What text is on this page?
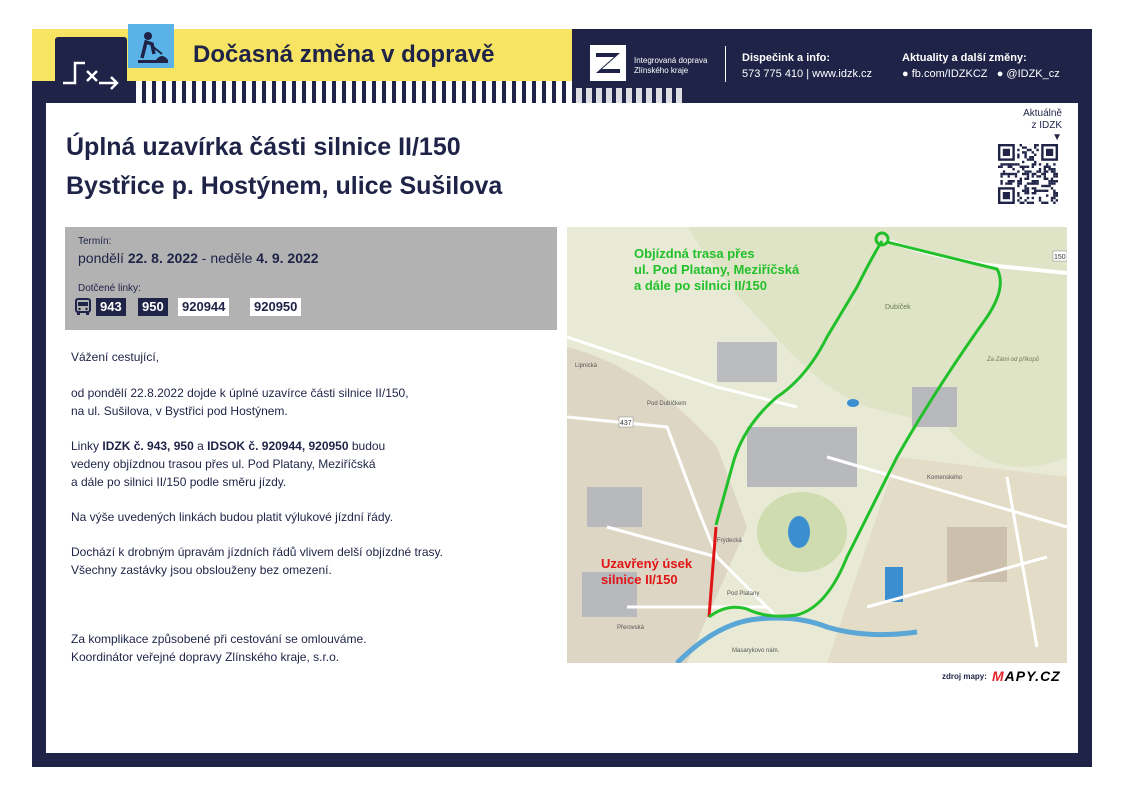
Dočasná změna v dopravě	Integrovaná doprava
Zlínského kraje
Dispečink a info:
573 775 410 | www.idzk.cz
Aktuality a další změny:
● fb.com/IDZKCZ ● @IDZK_cz
Úplná uzavírka části silnice II/150
Bystřice p. Hostýnem, ulice Sušilova
Aktuálně
z IDZK
▼
Termín:
pondělí 22. 8. 2022 - neděle 4. 9. 2022
Dotčené linky:
943	950	920944	920950
Vážení cestující,
od pondělí 22.8.2022 dojde k úplné uzavírce části silnice II/150,
na ul. Sušilova, v Bystřici pod Hostýnem.
Linky IDZK č. 943, 950 a IDSOK č. 920944, 920950 budou
vedeny objízdnou trasou přes ul. Pod Platany, Meziříčská
a dále po silnici II/150 podle směru jízdy.
Na výše uvedených linkách budou platit výlukové jízdní řády.
Dochází k drobným úpravám jízdních řádů vlivem delší objízdné trasy.
Všechny zastávky jsou obslouženy bez omezení.
Za komplikace způsobené při cestování se omlouváme.
Koordinátor veřejné dopravy Zlínského kraje, s.r.o.
150
437
Dubíček
Za Zámi od příkopů
Lipnická
Pod Dubíčkem
Pod Platany
Frýdecká
Komenského
Přerovská
Masarykovo nám.
Objízdná trasa přes
ul. Pod Platany, Meziříčská
a dále po silnici II/150
Uzavřený úsek
silnice II/150
zdroj mapy: MAPY.CZ
